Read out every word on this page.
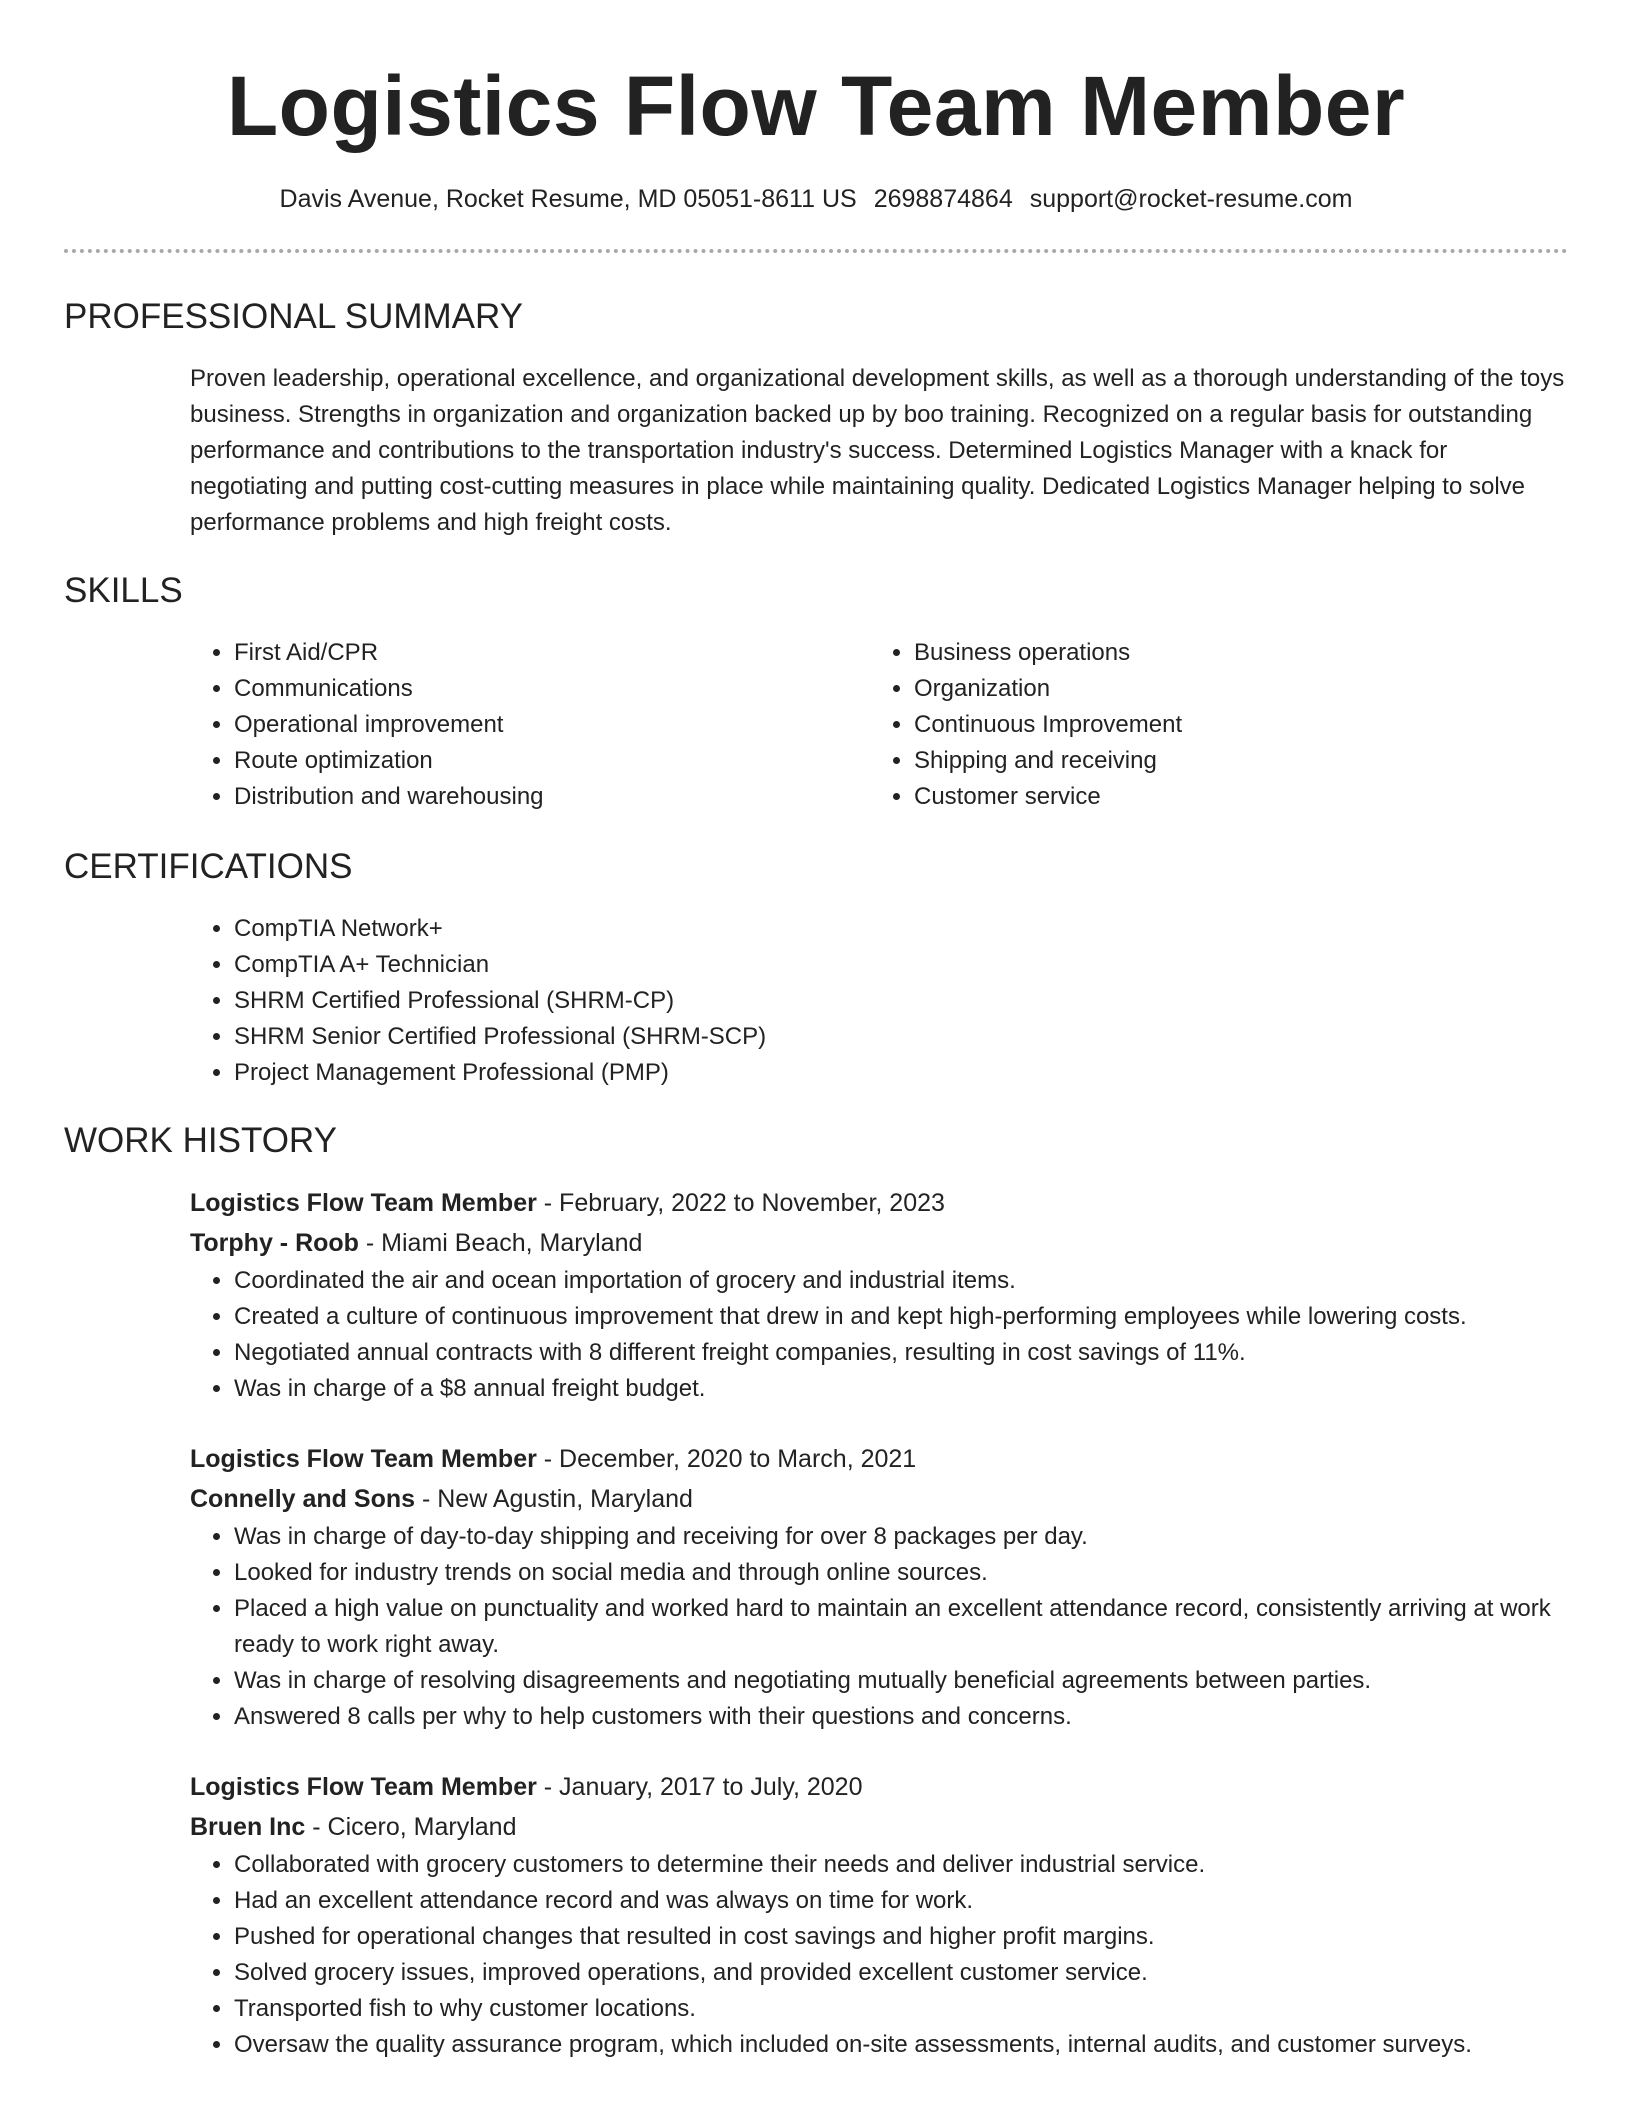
Logistics Flow Team Member
Davis Avenue, Rocket Resume, MD 05051-8611 US 2698874864 support@rocket-resume.com
PROFESSIONAL SUMMARY
Proven leadership, operational excellence, and organizational development skills, as well as a thorough understanding of the toys business. Strengths in organization and organization backed up by boo training. Recognized on a regular basis for outstanding performance and contributions to the transportation industry's success. Determined Logistics Manager with a knack for negotiating and putting cost-cutting measures in place while maintaining quality. Dedicated Logistics Manager helping to solve performance problems and high freight costs.
SKILLS
• First Aid/CPR
• Communications
• Operational improvement
• Route optimization
• Distribution and warehousing
• Business operations
• Organization
• Continuous Improvement
• Shipping and receiving
• Customer service
CERTIFICATIONS
• CompTIA Network+
• CompTIA A+ Technician
• SHRM Certified Professional (SHRM-CP)
• SHRM Senior Certified Professional (SHRM-SCP)
• Project Management Professional (PMP)
WORK HISTORY
Logistics Flow Team Member - February, 2022 to November, 2023
Torphy - Roob - Miami Beach, Maryland
• Coordinated the air and ocean importation of grocery and industrial items.
• Created a culture of continuous improvement that drew in and kept high-performing employees while lowering costs.
• Negotiated annual contracts with 8 different freight companies, resulting in cost savings of 11%.
• Was in charge of a $8 annual freight budget.
Logistics Flow Team Member - December, 2020 to March, 2021
Connelly and Sons - New Agustin, Maryland
• Was in charge of day-to-day shipping and receiving for over 8 packages per day.
• Looked for industry trends on social media and through online sources.
• Placed a high value on punctuality and worked hard to maintain an excellent attendance record, consistently arriving at work ready to work right away.
• Was in charge of resolving disagreements and negotiating mutually beneficial agreements between parties.
• Answered 8 calls per why to help customers with their questions and concerns.
Logistics Flow Team Member - January, 2017 to July, 2020
Bruen Inc - Cicero, Maryland
• Collaborated with grocery customers to determine their needs and deliver industrial service.
• Had an excellent attendance record and was always on time for work.
• Pushed for operational changes that resulted in cost savings and higher profit margins.
• Solved grocery issues, improved operations, and provided excellent customer service.
• Transported fish to why customer locations.
• Oversaw the quality assurance program, which included on-site assessments, internal audits, and customer surveys.
